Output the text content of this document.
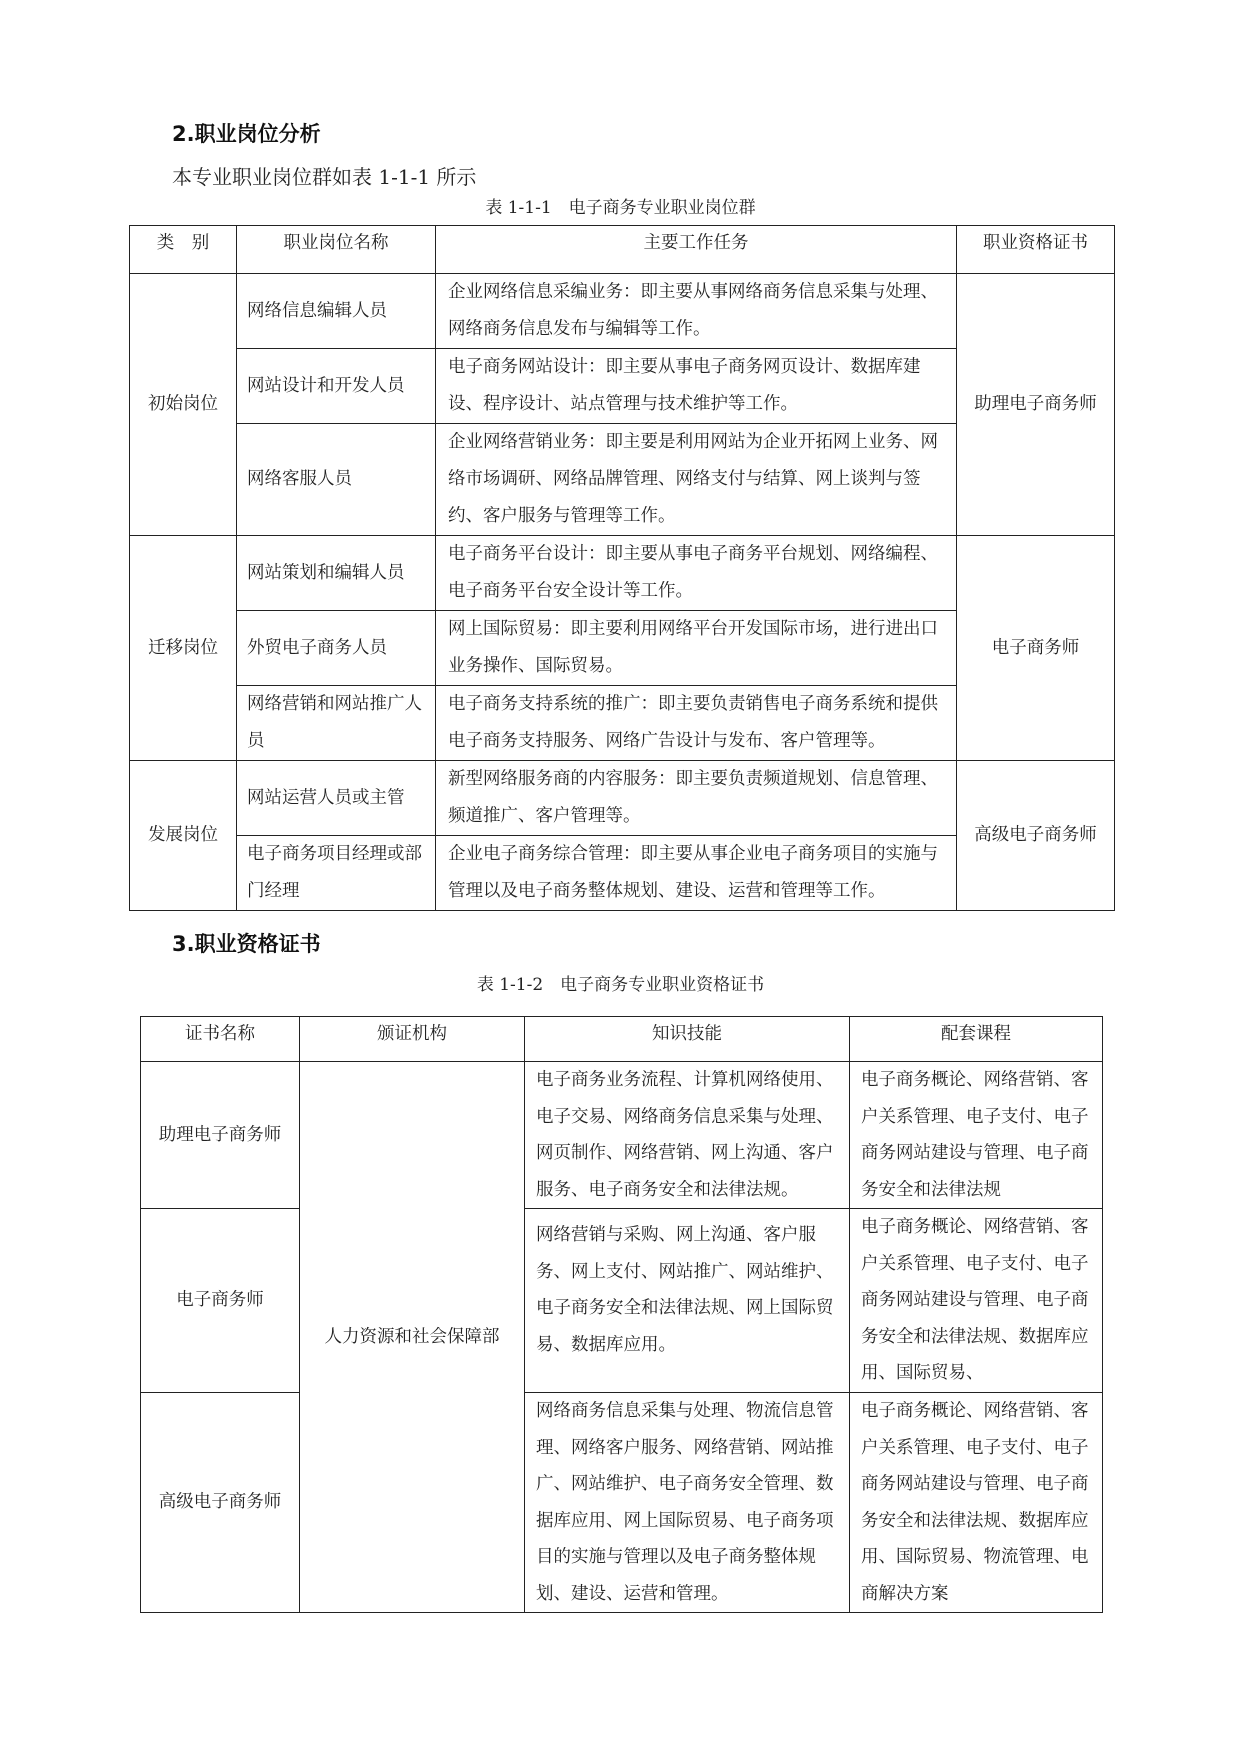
2.职业岗位分析
本专业职业岗位群如表 1-1-1 所示
表 1-1-1　电子商务专业职业岗位群
类　别	职业岗位名称	主要工作任务	职业资格证书
初始岗位	网络信息编辑人员	企业网络信息采编业务：即主要从事网络商务信息采集与处理、网络商务信息发布与编辑等工作。	助理电子商务师
	网站设计和开发人员	电子商务网站设计：即主要从事电子商务网页设计、数据库建设、程序设计、站点管理与技术维护等工作。	
	网络客服人员	企业网络营销业务：即主要是利用网站为企业开拓网上业务、网络市场调研、网络品牌管理、网络支付与结算、网上谈判与签约、客户服务与管理等工作。	
迁移岗位	网站策划和编辑人员	电子商务平台设计：即主要从事电子商务平台规划、网络编程、电子商务平台安全设计等工作。	电子商务师
	外贸电子商务人员	网上国际贸易：即主要利用网络平台开发国际市场，进行进出口业务操作、国际贸易。	
	网络营销和网站推广人员	电子商务支持系统的推广：即主要负责销售电子商务系统和提供电子商务支持服务、网络广告设计与发布、客户管理等。	
发展岗位	网站运营人员或主管	新型网络服务商的内容服务：即主要负责频道规划、信息管理、频道推广、客户管理等。	高级电子商务师
	电子商务项目经理或部门经理	企业电子商务综合管理：即主要从事企业电子商务项目的实施与管理以及电子商务整体规划、建设、运营和管理等工作。	
3.职业资格证书
表 1-1-2　电子商务专业职业资格证书
证书名称	颁证机构	知识技能	配套课程
助理电子商务师	人力资源和社会保障部	电子商务业务流程、计算机网络使用、电子交易、网络商务信息采集与处理、网页制作、网络营销、网上沟通、客户服务、电子商务安全和法律法规。	电子商务概论、网络营销、客户关系管理、电子支付、电子商务网站建设与管理、电子商务安全和法律法规
电子商务师		网络营销与采购、网上沟通、客户服务、网上支付、网站推广、网站维护、电子商务安全和法律法规、网上国际贸易、数据库应用。	电子商务概论、网络营销、客户关系管理、电子支付、电子商务网站建设与管理、电子商务安全和法律法规、数据库应用、国际贸易、
高级电子商务师		网络商务信息采集与处理、物流信息管理、网络客户服务、网络营销、网站推广、网站维护、电子商务安全管理、数据库应用、网上国际贸易、电子商务项目的实施与管理以及电子商务整体规划、建设、运营和管理。	电子商务概论、网络营销、客户关系管理、电子支付、电子商务网站建设与管理、电子商务安全和法律法规、数据库应用、国际贸易、物流管理、电商解决方案
